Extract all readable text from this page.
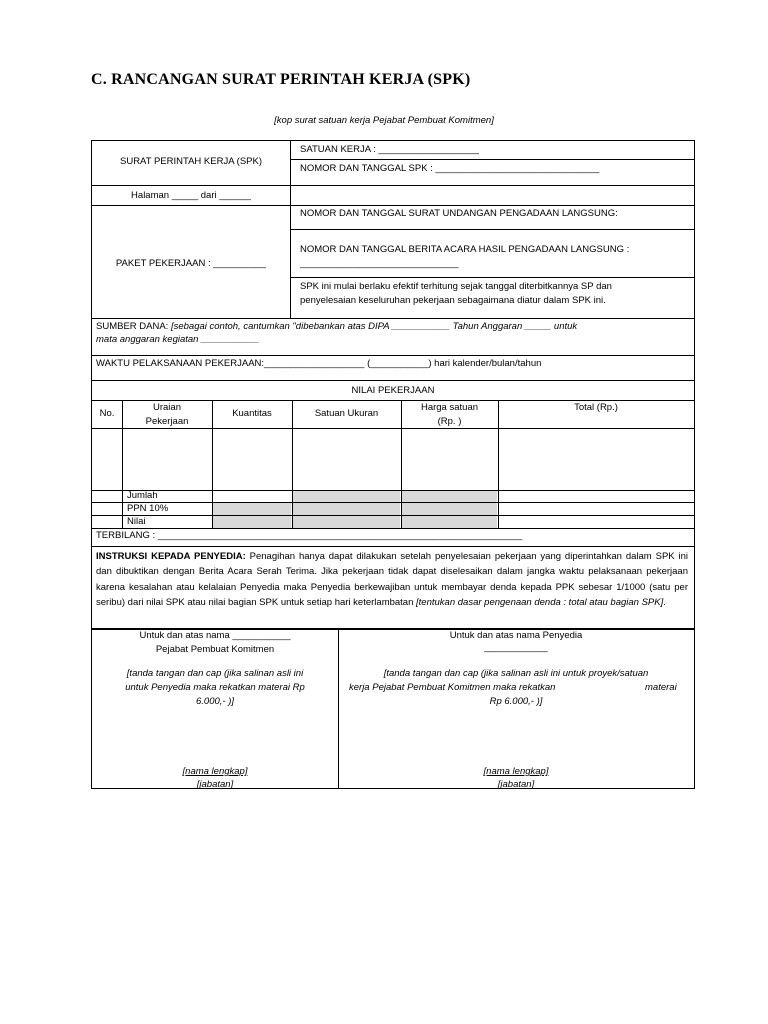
C. RANCANGAN SURAT PERINTAH KERJA (SPK)
[kop surat satuan kerja Pejabat Pembuat Komitmen]
SURAT PERINTAH KERJA (SPK)
SATUAN KERJA : ___________________
NOMOR DAN TANGGAL SPK : _______________________________
Halaman _____ dari ______
NOMOR DAN TANGGAL SURAT UNDANGAN PENGADAAN LANGSUNG:
NOMOR DAN TANGGAL BERITA ACARA HASIL PENGADAAN LANGSUNG :
______________________________
PAKET PEKERJAAN : __________
SPK ini mulai berlaku efektif terhitung sejak tanggal diterbitkannya SP dan
penyelesaian keseluruhan pekerjaan sebagaimana diatur dalam SPK ini.
SUMBER DANA: [sebagai contoh, cantumkan "dibebankan atas DIPA ___________ Tahun Anggaran _____ untuk
mata anggaran kegiatan ___________
WAKTU PELAKSANAAN PEKERJAAN:___________________ (___________) hari kalender/bulan/tahun
NILAI PEKERJAAN
No.
Uraian
Pekerjaan
Kuantitas	Satuan Ukuran
Harga satuan
(Rp. )
Total (Rp.)
Jumlah
PPN 10%
Nilai
TERBILANG : _____________________________________________________________________
INSTRUKSI KEPADA PENYEDIA: Penagihan hanya dapat dilakukan setelah penyelesaian pekerjaan yang diperintahkan dalam SPK ini dan dibuktikan dengan Berita Acara Serah Terima. Jika pekerjaan tidak dapat diselesaikan dalam jangka waktu pelaksanaan pekerjaan karena kesalahan atau kelalaian Penyedia maka Penyedia berkewajiban untuk membayar denda kepada PPK sebesar 1/1000 (satu per seribu) dari nilai SPK atau nilai bagian SPK untuk setiap hari keterlambatan [tentukan dasar pengenaan denda : total atau bagian SPK].
Untuk dan atas nama ___________
Pejabat Pembuat Komitmen
[tanda tangan dan cap (jika salinan asli ini
untuk Penyedia maka rekatkan materai Rp
6.000,- )]
[nama lengkap]
[jabatan]
Untuk dan atas nama Penyedia
____________
[tanda tangan dan cap (jika salinan asli ini untuk proyek/satuan
kerja Pejabat Pembuat Komitmen maka rekatkan	materai
Rp 6.000,- )]
[nama lengkap]
[jabatan]
